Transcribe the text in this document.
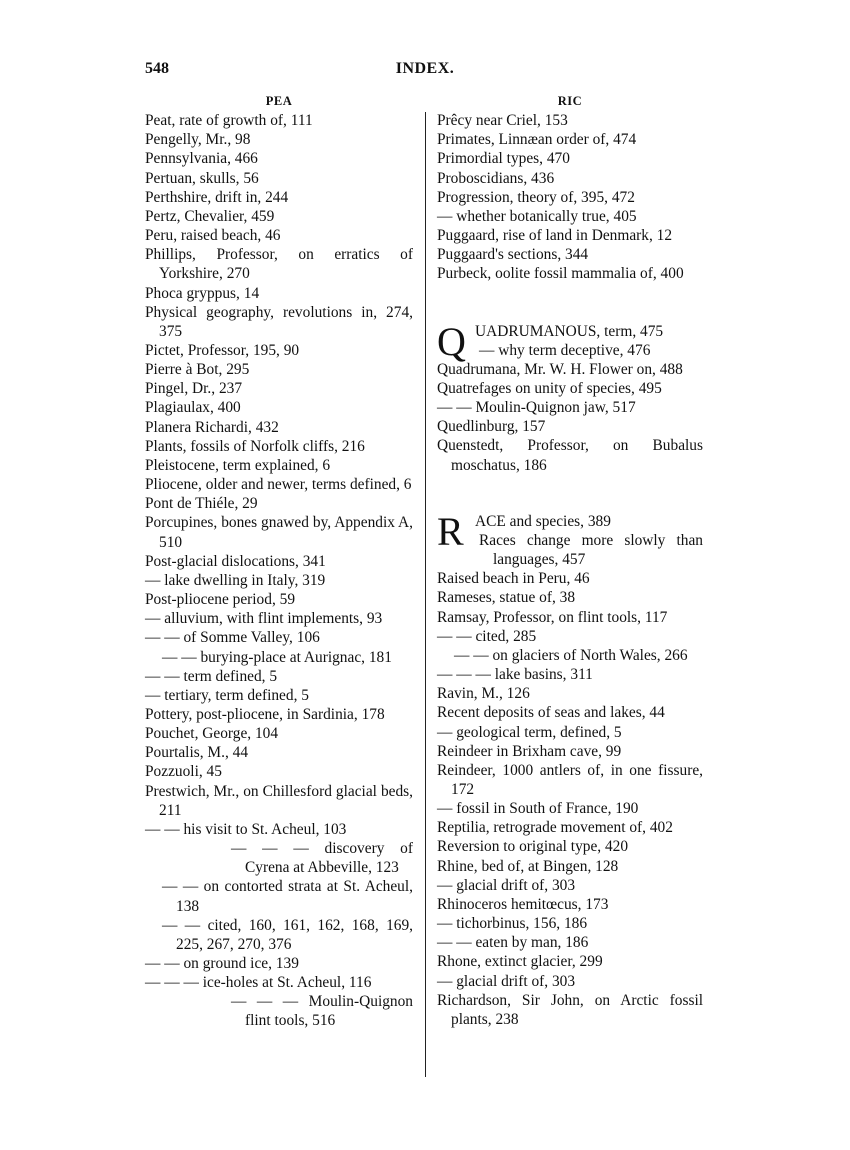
548	INDEX.
PEA
Peat, rate of growth of, 111
Pengelly, Mr., 98
Pennsylvania, 466
Pertuan, skulls, 56
Perthshire, drift in, 244
Pertz, Chevalier, 459
Peru, raised beach, 46
Phillips, Professor, on erratics of Yorkshire, 270
Phoca gryppus, 14
Physical geography, revolutions in, 274, 375
Pictet, Professor, 195, 90
Pierre à Bot, 295
Pingel, Dr., 237
Plagiaulax, 400
Planera Richardi, 432
Plants, fossils of Norfolk cliffs, 216
Pleistocene, term explained, 6
Pliocene, older and newer, terms defined, 6
Pont de Thiéle, 29
Porcupines, bones gnawed by, Appendix A, 510
Post-glacial dislocations, 341
— lake dwelling in Italy, 319
Post-pliocene period, 59
— alluvium, with flint implements, 93
— — of Somme Valley, 106
— — burying-place at Aurignac, 181
— — term defined, 5
— tertiary, term defined, 5
Pottery, post-pliocene, in Sardinia, 178
Pouchet, George, 104
Pourtalis, M., 44
Pozzuoli, 45
Prestwich, Mr., on Chillesford glacial beds, 211
— — his visit to St. Acheul, 103
— — — discovery of Cyrena at Abbeville, 123
— — on contorted strata at St. Acheul, 138
— — cited, 160, 161, 162, 168, 169, 225, 267, 270, 376
— — on ground ice, 139
— — — ice-holes at St. Acheul, 116
— — — Moulin-Quignon flint tools, 516
RIC
Prêcy near Criel, 153
Primates, Linnæan order of, 474
Primordial types, 470
Proboscidians, 436
Progression, theory of, 395, 472
— whether botanically true, 405
Puggaard, rise of land in Denmark, 12
Puggaard's sections, 344
Purbeck, oolite fossil mammalia of, 400
Q UADRUMANOUS, term, 475
— why term deceptive, 476
Quadrumana, Mr. W. H. Flower on, 488
Quatrefages on unity of species, 495
— — Moulin-Quignon jaw, 517
Quedlinburg, 157
Quenstedt, Professor, on Bubalus moschatus, 186
R ACE and species, 389
Races change more slowly than languages, 457
Raised beach in Peru, 46
Rameses, statue of, 38
Ramsay, Professor, on flint tools, 117
— — cited, 285
— — on glaciers of North Wales, 266
— — — lake basins, 311
Ravin, M., 126
Recent deposits of seas and lakes, 44
— geological term, defined, 5
Reindeer in Brixham cave, 99
Reindeer, 1000 antlers of, in one fissure, 172
— fossil in South of France, 190
Reptilia, retrograde movement of, 402
Reversion to original type, 420
Rhine, bed of, at Bingen, 128
— glacial drift of, 303
Rhinoceros hemitœcus, 173
— tichorbinus, 156, 186
— — eaten by man, 186
Rhone, extinct glacier, 299
— glacial drift of, 303
Richardson, Sir John, on Arctic fossil plants, 238
